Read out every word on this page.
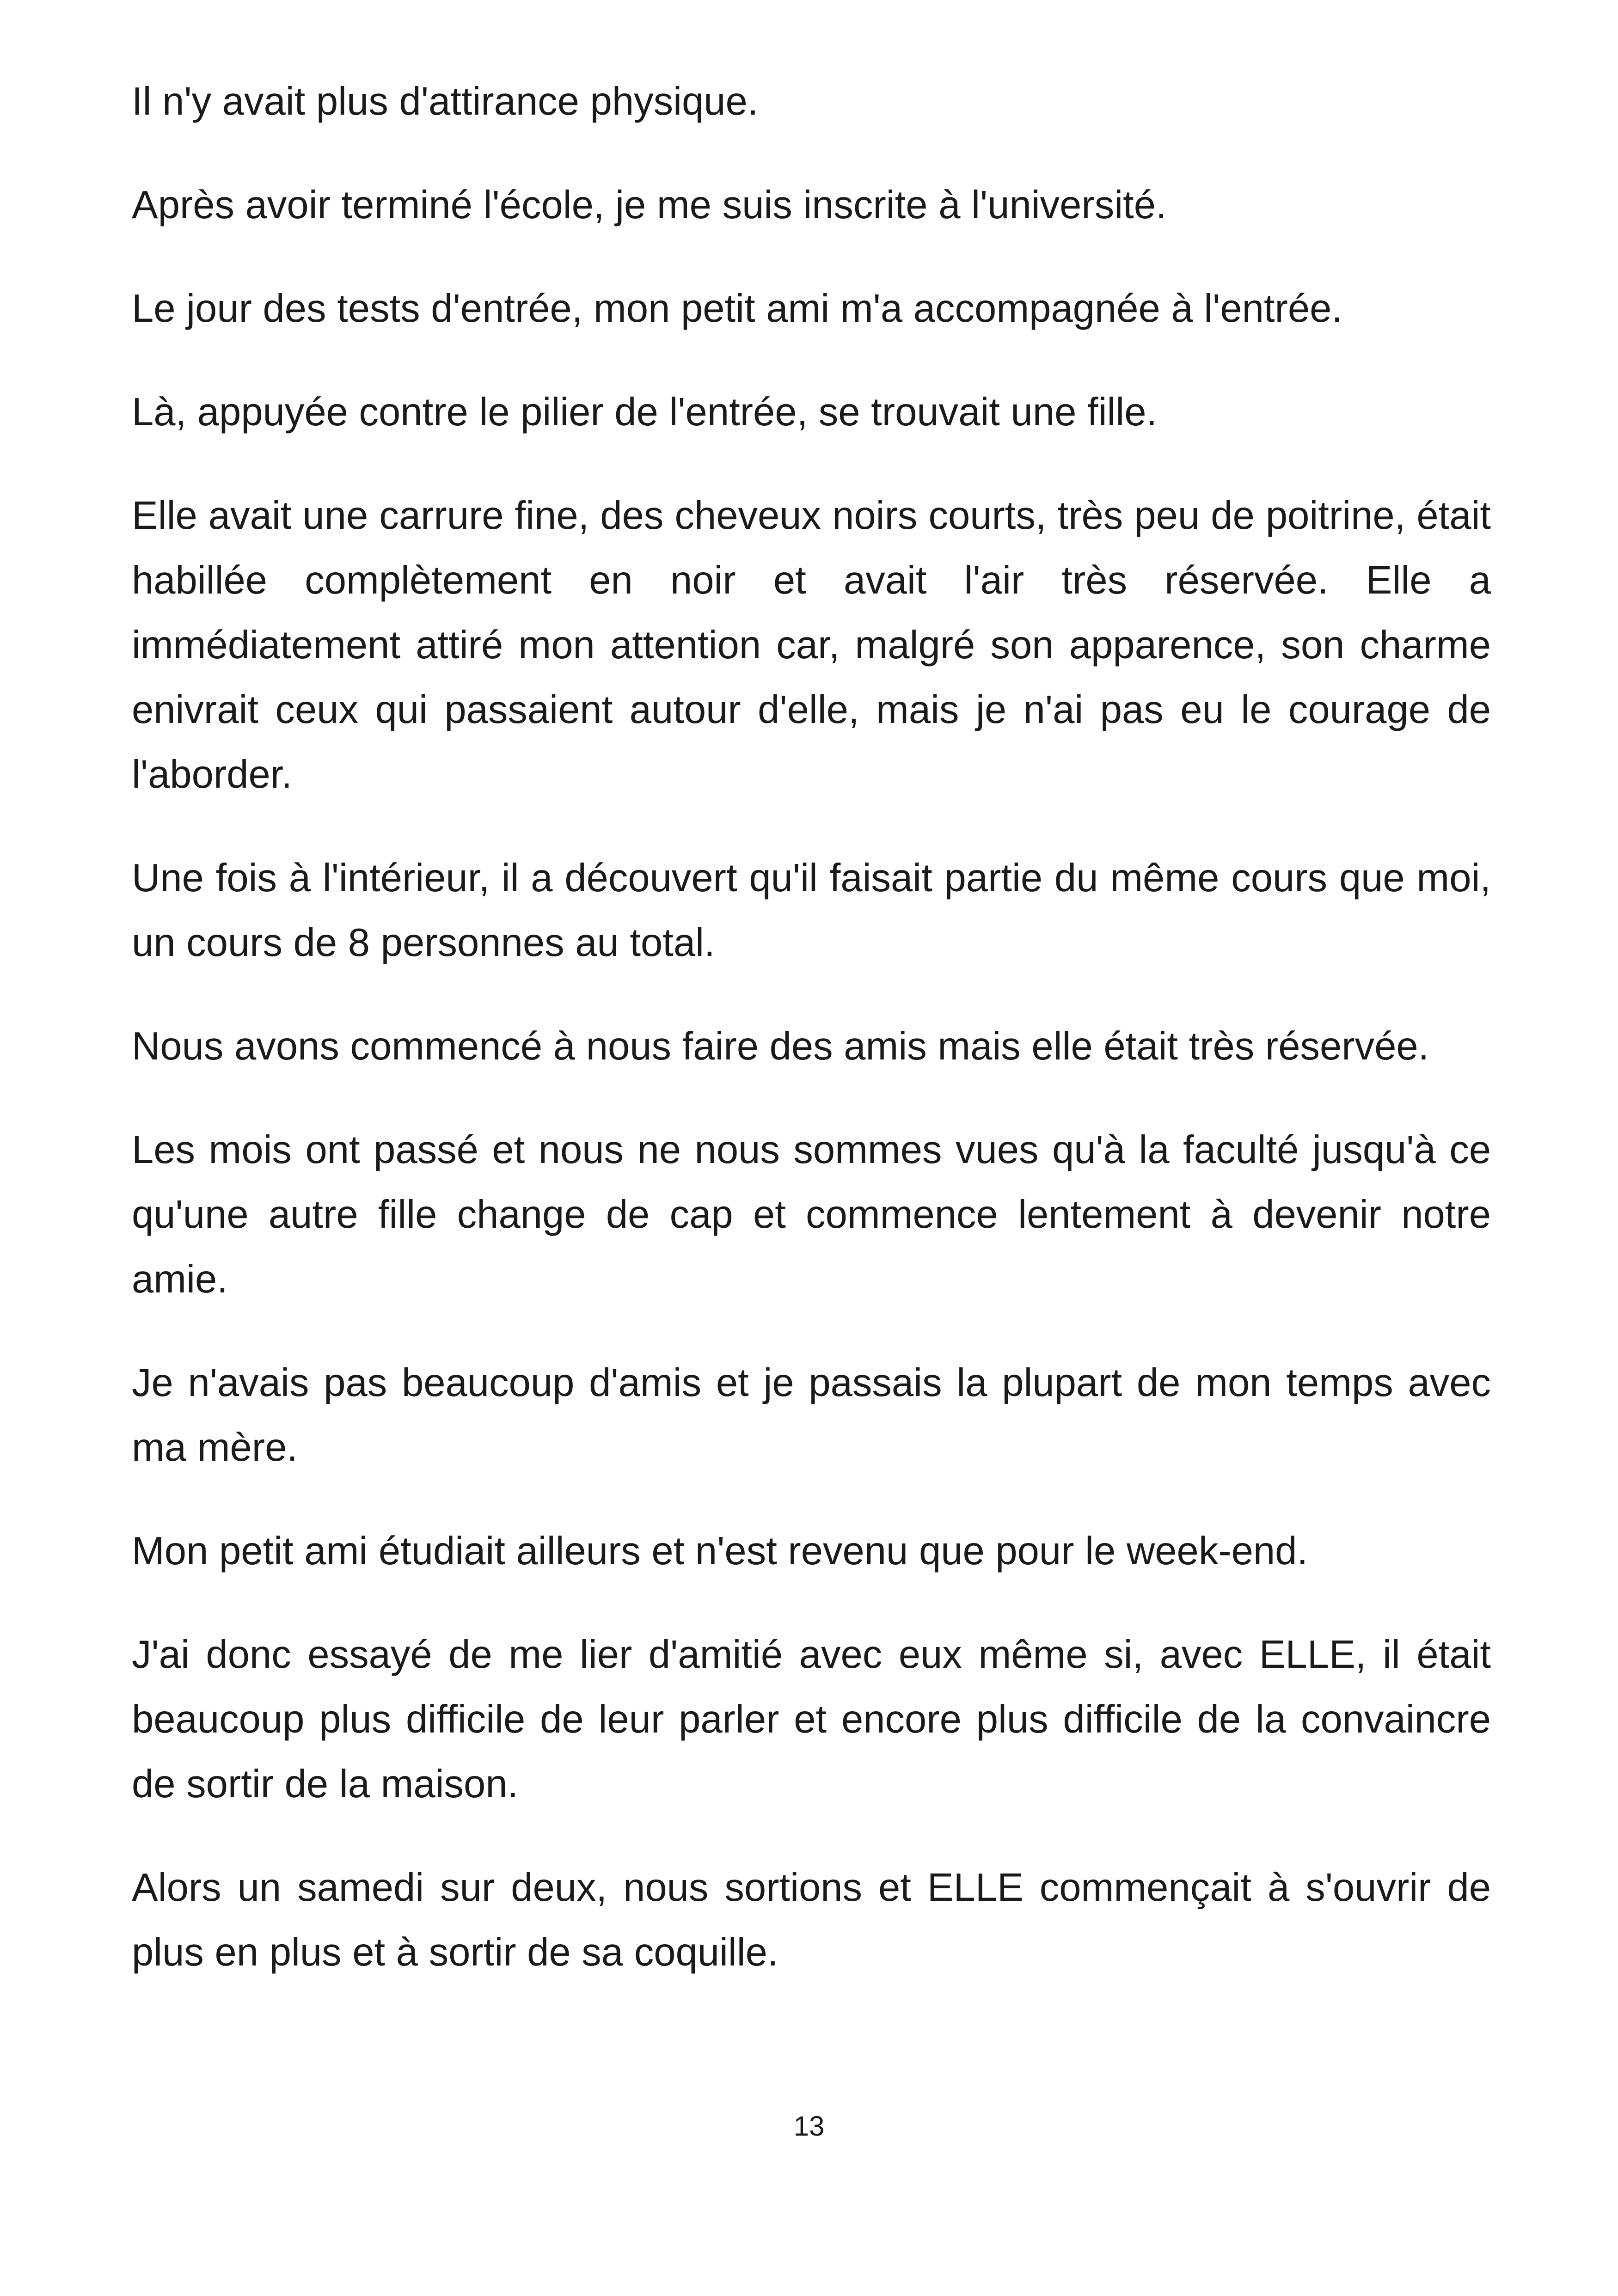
Il n'y avait plus d'attirance physique.

Après avoir terminé l'école, je me suis inscrite à l'université.

Le jour des tests d'entrée, mon petit ami m'a accompagnée à l'entrée.

Là, appuyée contre le pilier de l'entrée, se trouvait une fille.

Elle avait une carrure fine, des cheveux noirs courts, très peu de poitrine, était habillée complètement en noir et avait l'air très réservée. Elle a immédiatement attiré mon attention car, malgré son apparence, son charme enivrait ceux qui passaient autour d'elle, mais je n'ai pas eu le courage de l'aborder.

Une fois à l'intérieur, il a découvert qu'il faisait partie du même cours que moi, un cours de 8 personnes au total.

Nous avons commencé à nous faire des amis mais elle était très réservée.

Les mois ont passé et nous ne nous sommes vues qu'à la faculté jusqu'à ce qu'une autre fille change de cap et commence lentement à devenir notre amie.

Je n'avais pas beaucoup d'amis et je passais la plupart de mon temps avec ma mère.

Mon petit ami étudiait ailleurs et n'est revenu que pour le week-end.

J'ai donc essayé de me lier d'amitié avec eux même si, avec ELLE, il était beaucoup plus difficile de leur parler et encore plus difficile de la convaincre de sortir de la maison.

Alors un samedi sur deux, nous sortions et ELLE commençait à s'ouvrir de plus en plus et à sortir de sa coquille.

13
